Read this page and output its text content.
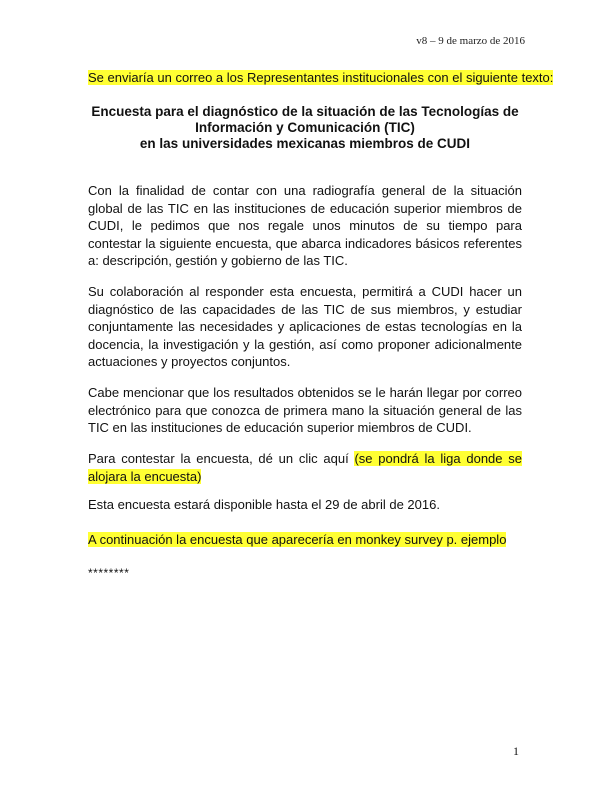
v8 – 9 de marzo de 2016
Se enviaría un correo a los Representantes institucionales con el siguiente texto:
Encuesta para el diagnóstico de la situación de las Tecnologías de
Información y Comunicación (TIC)
en las universidades mexicanas miembros de CUDI
Con la finalidad de contar con una radiografía general de la situación global de las TIC en las instituciones de educación superior miembros de CUDI, le pedimos que nos regale unos minutos de su tiempo para contestar la siguiente encuesta, que abarca indicadores básicos referentes a: descripción, gestión y gobierno de las TIC.
Su colaboración al responder esta encuesta, permitirá a CUDI hacer un diagnóstico de las capacidades de las TIC de sus miembros, y estudiar conjuntamente las necesidades y aplicaciones de estas tecnologías en la docencia, la investigación y la gestión, así como proponer adicionalmente actuaciones y proyectos conjuntos.
Cabe mencionar que los resultados obtenidos se le harán llegar por correo electrónico para que conozca de primera mano la situación general de las TIC en las instituciones de educación superior miembros de CUDI.
Para contestar la encuesta, dé un clic aquí (se pondrá la liga donde se alojara la encuesta)
Esta encuesta estará disponible hasta el 29 de abril de 2016.
A continuación la encuesta que aparecería en monkey survey p. ejemplo
********
1
